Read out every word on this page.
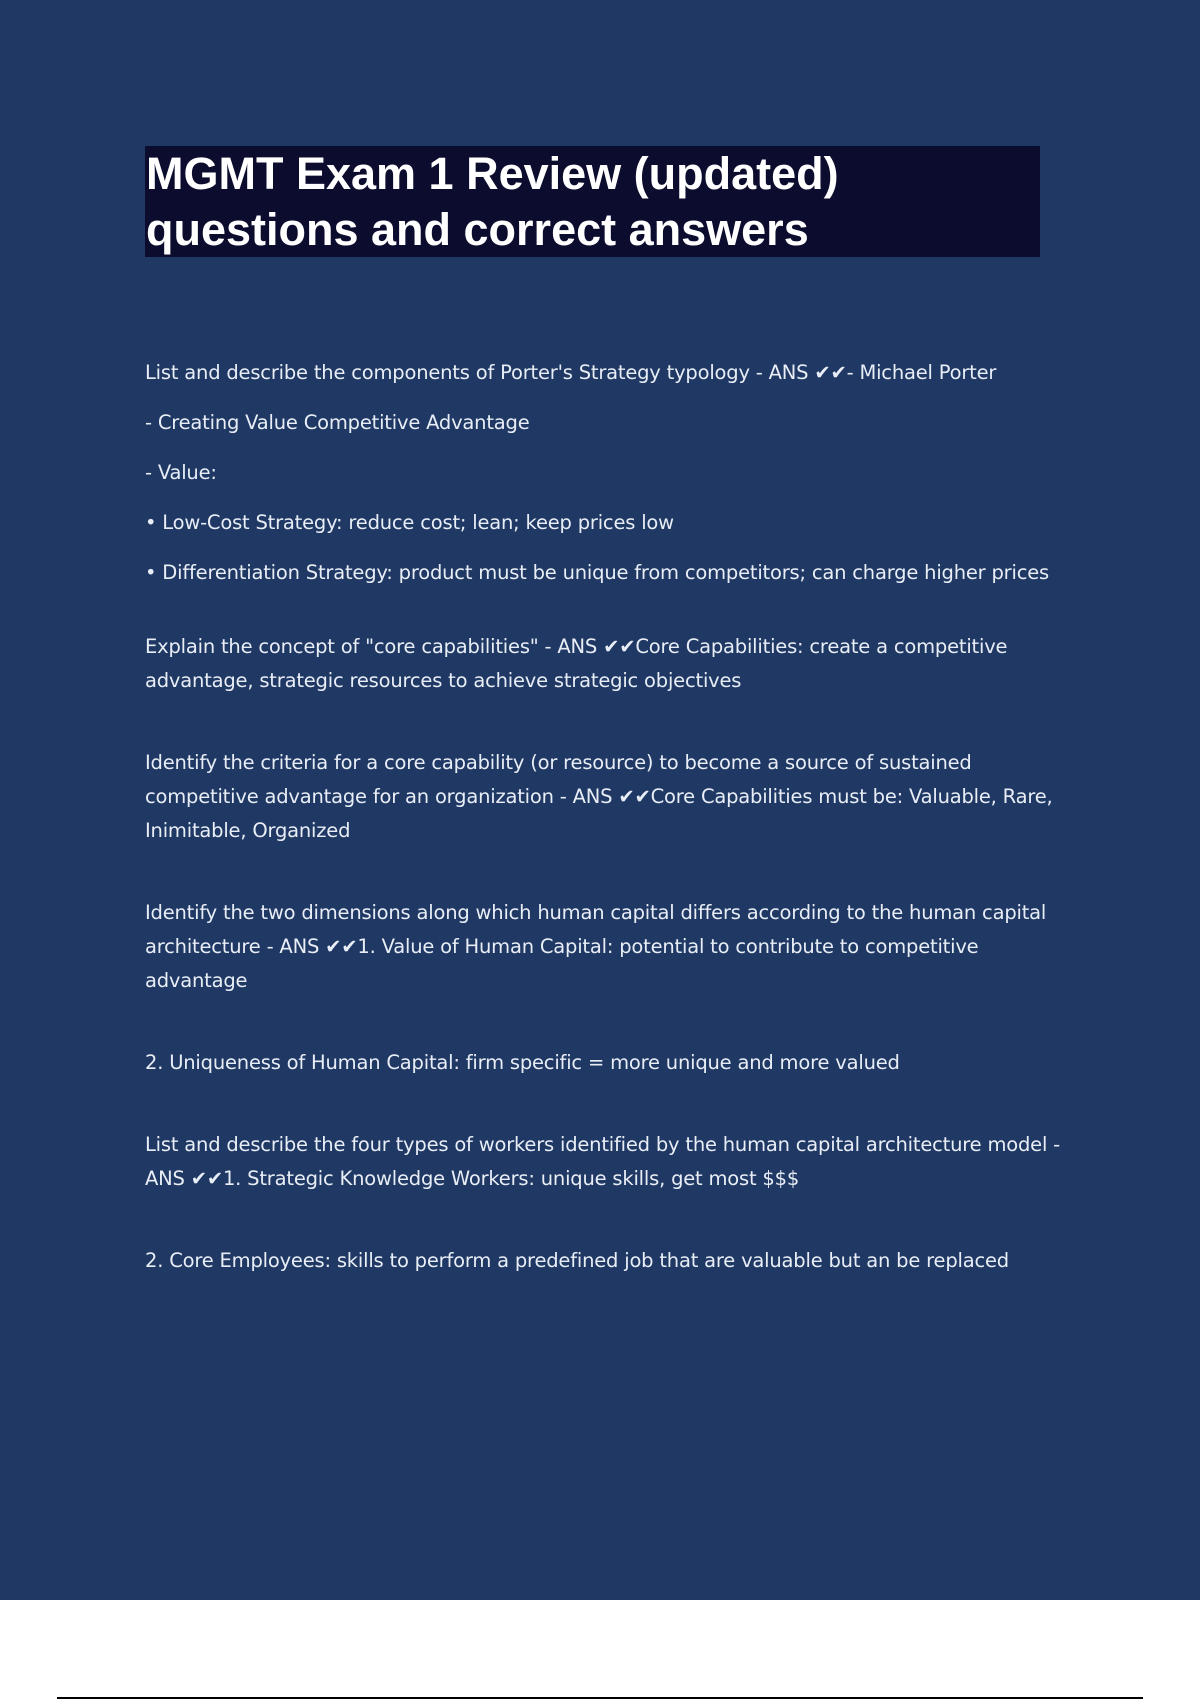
MGMT Exam 1 Review (updated)
questions and correct answers

List and describe the components of Porter's Strategy typology - ANS ✔✔- Michael Porter

- Creating Value Competitive Advantage

- Value:

• Low-Cost Strategy: reduce cost; lean; keep prices low

• Differentiation Strategy: product must be unique from competitors; can charge higher prices

Explain the concept of "core capabilities" - ANS ✔✔Core Capabilities: create a competitive advantage, strategic resources to achieve strategic objectives

Identify the criteria for a core capability (or resource) to become a source of sustained competitive advantage for an organization - ANS ✔✔Core Capabilities must be: Valuable, Rare, Inimitable, Organized

Identify the two dimensions along which human capital differs according to the human capital architecture - ANS ✔✔1. Value of Human Capital: potential to contribute to competitive advantage

2. Uniqueness of Human Capital: firm specific = more unique and more valued

List and describe the four types of workers identified by the human capital architecture model - ANS ✔✔1. Strategic Knowledge Workers: unique skills, get most $$$

2. Core Employees: skills to perform a predefined job that are valuable but an be replaced
